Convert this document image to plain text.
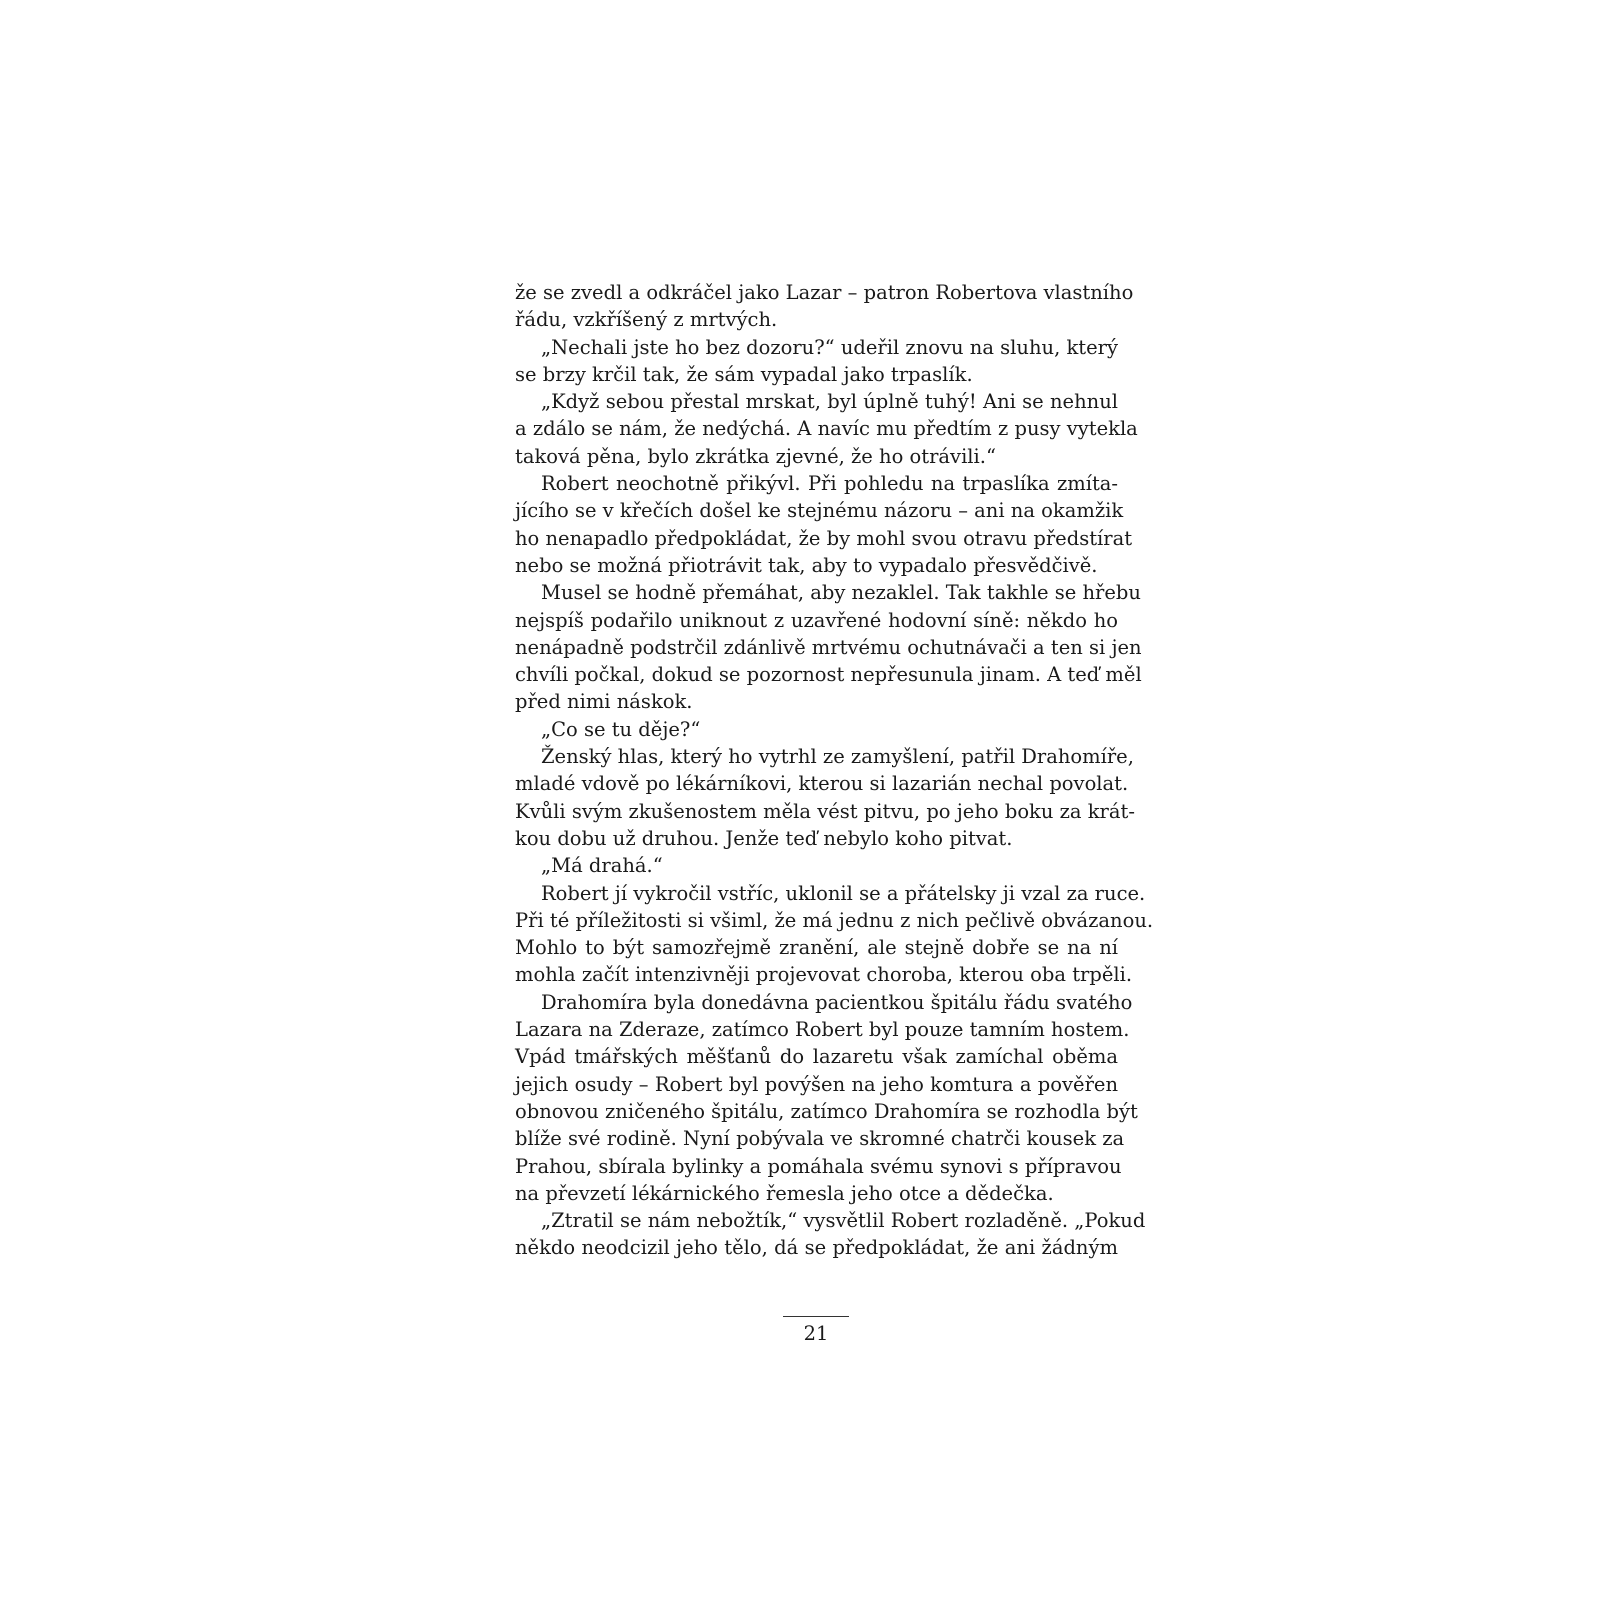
že se zvedl a odkráčel jako Lazar – patron Robertova vlastního
řádu, vzkříšený z mrtvých.
„Nechali jste ho bez dozoru?“ udeřil znovu na sluhu, který
se brzy krčil tak, že sám vypadal jako trpaslík.
„Když sebou přestal mrskat, byl úplně tuhý! Ani se nehnul
a zdálo se nám, že nedýchá. A navíc mu předtím z pusy vytekla
taková pěna, bylo zkrátka zjevné, že ho otrávili.“
Robert neochotně přikývl. Při pohledu na trpaslíka zmíta-
jícího se v křečích došel ke stejnému názoru – ani na okamžik
ho nenapadlo předpokládat, že by mohl svou otravu předstírat
nebo se možná přiotrávit tak, aby to vypadalo přesvědčivě.
Musel se hodně přemáhat, aby nezaklel. Tak takhle se hřebu
nejspíš podařilo uniknout z uzavřené hodovní síně: někdo ho
nenápadně podstrčil zdánlivě mrtvému ochutnávači a ten si jen
chvíli počkal, dokud se pozornost nepřesunula jinam. A teď měl
před nimi náskok.
„Co se tu děje?“
Ženský hlas, který ho vytrhl ze zamyšlení, patřil Drahomíře,
mladé vdově po lékárníkovi, kterou si lazarián nechal povolat.
Kvůli svým zkušenostem měla vést pitvu, po jeho boku za krát-
kou dobu už druhou. Jenže teď nebylo koho pitvat.
„Má drahá.“
Robert jí vykročil vstříc, uklonil se a přátelsky ji vzal za ruce.
Při té příležitosti si všiml, že má jednu z nich pečlivě obvázanou.
Mohlo to být samozřejmě zranění, ale stejně dobře se na ní
mohla začít intenzivněji projevovat choroba, kterou oba trpěli.
Drahomíra byla donedávna pacientkou špitálu řádu svatého
Lazara na Zderaze, zatímco Robert byl pouze tamním hostem.
Vpád tmářských měšťanů do lazaretu však zamíchal oběma
jejich osudy – Robert byl povýšen na jeho komtura a pověřen
obnovou zničeného špitálu, zatímco Drahomíra se rozhodla být
blíže své rodině. Nyní pobývala ve skromné chatrči kousek za
Prahou, sbírala bylinky a pomáhala svému synovi s přípravou
na převzetí lékárnického řemesla jeho otce a dědečka.
„Ztratil se nám nebožtík,“ vysvětlil Robert rozladěně. „Pokud
někdo neodcizil jeho tělo, dá se předpokládat, že ani žádným
21
